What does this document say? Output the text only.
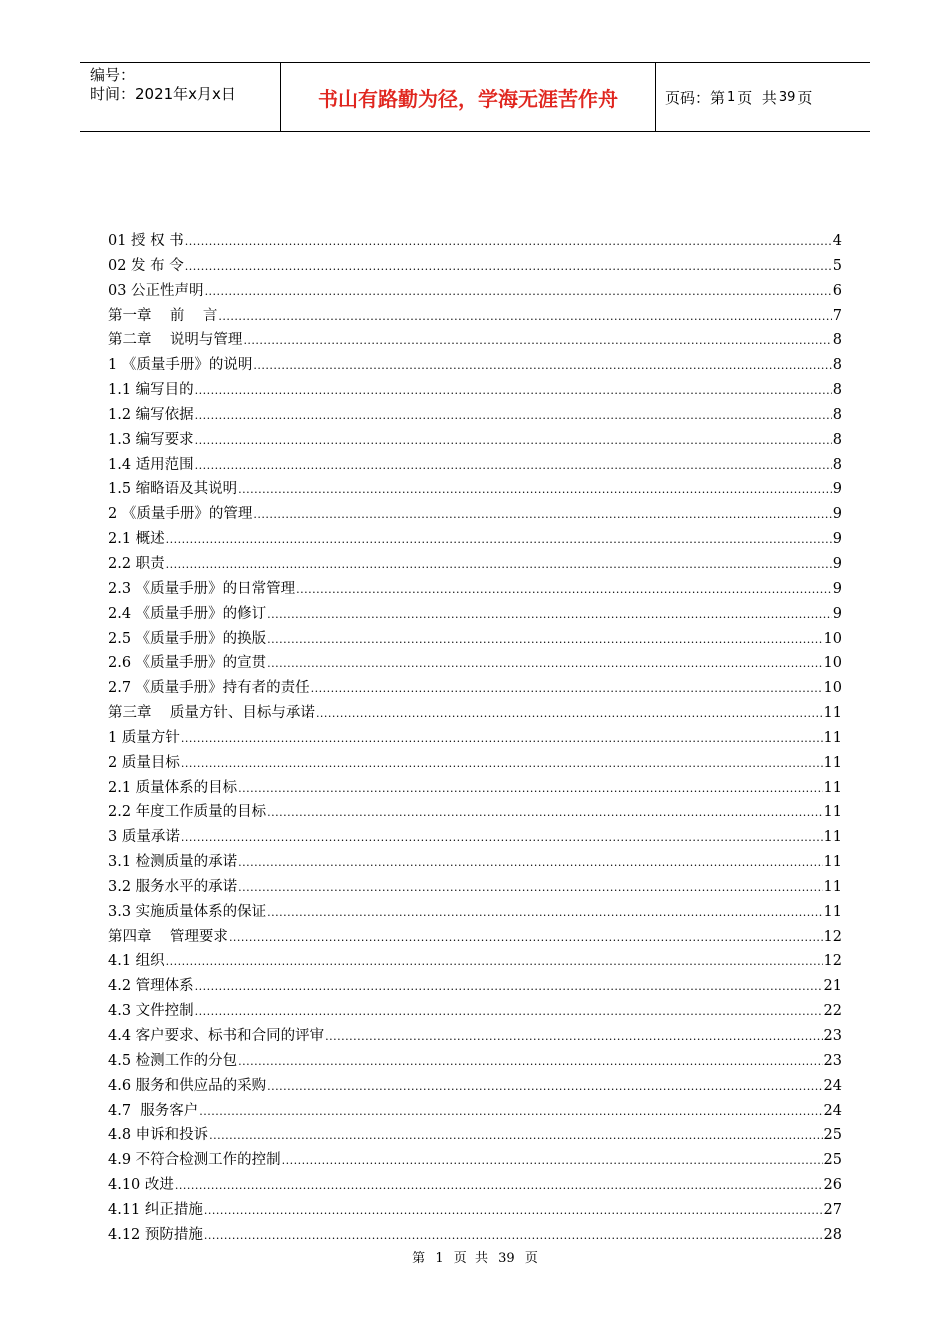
编号：
时间：2021年x月x日	书山有路勤为径，学海无涯苦作舟	页码：第 1 页  共 39 页
01 授 权 书 .....	4
02 发 布 令 .....	5
03 公正性声明 .....	6
第一章    前    言 .....	7
第二章    说明与管理 .....	8
1 《质量手册》的说明 .....	8
1.1 编写目的 .....	8
1.2 编写依据 .....	8
1.3 编写要求 .....	8
1.4 适用范围 .....	8
1.5 缩略语及其说明 .....	9
2 《质量手册》的管理 .....	9
2.1 概述 .....	9
2.2 职责 .....	9
2.3 《质量手册》的日常管理 .....	9
2.4 《质量手册》的修订 .....	9
2.5 《质量手册》的换版 .....	10
2.6 《质量手册》的宣贯 .....	10
2.7 《质量手册》持有者的责任 .....	10
第三章    质量方针、目标与承诺 .....	11
1 质量方针 .....	11
2 质量目标 .....	11
2.1 质量体系的目标 .....	11
2.2 年度工作质量的目标 .....	11
3 质量承诺 .....	11
3.1 检测质量的承诺 .....	11
3.2 服务水平的承诺 .....	11
3.3 实施质量体系的保证 .....	11
第四章    管理要求 .....	12
4.1 组织 .....	12
4.2 管理体系 .....	21
4.3 文件控制 .....	22
4.4 客户要求、标书和合同的评审 .....	23
4.5 检测工作的分包 .....	23
4.6 服务和供应品的采购 .....	24
4.7  服务客户 .....	24
4.8 申诉和投诉 .....	25
4.9 不符合检测工作的控制 .....	25
4.10 改进 .....	26
4.11 纠正措施 .....	27
4.12 预防措施 .....	28
第 1 页  共 39 页
